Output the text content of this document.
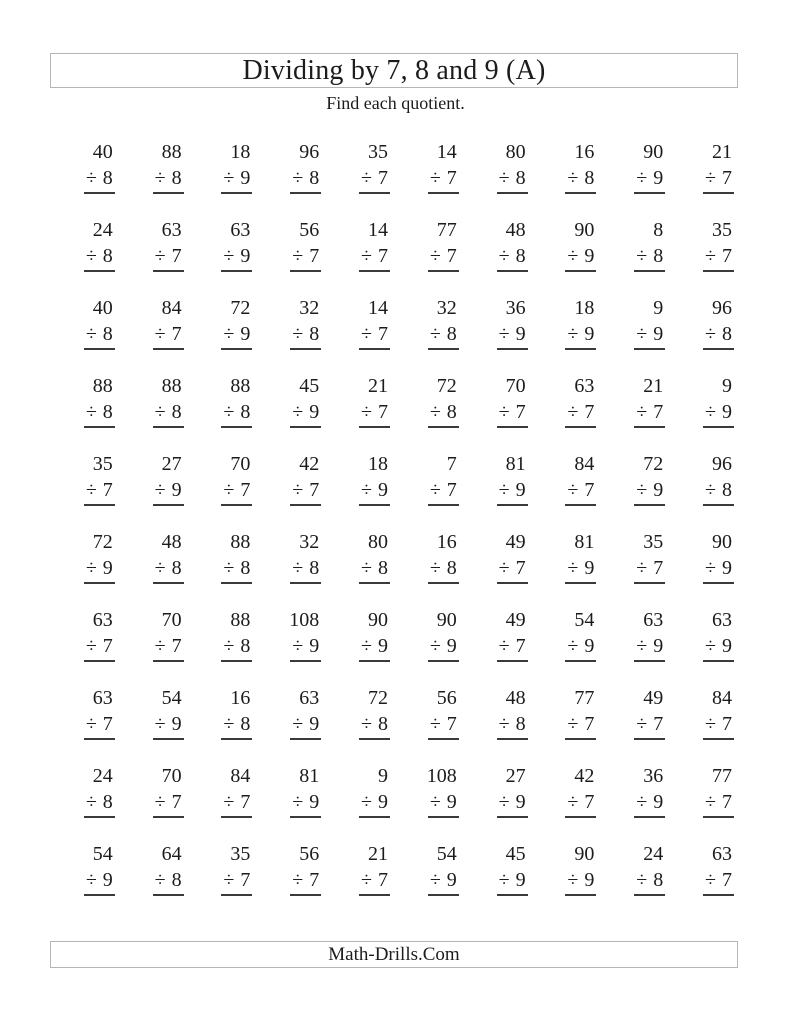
Dividing by 7, 8 and 9 (A)
Find each quotient.
40
÷ 8
88
÷ 8
18
÷ 9
96
÷ 8
35
÷ 7
14
÷ 7
80
÷ 8
16
÷ 8
90
÷ 9
21
÷ 7
24
÷ 8
63
÷ 7
63
÷ 9
56
÷ 7
14
÷ 7
77
÷ 7
48
÷ 8
90
÷ 9
8
÷ 8
35
÷ 7
40
÷ 8
84
÷ 7
72
÷ 9
32
÷ 8
14
÷ 7
32
÷ 8
36
÷ 9
18
÷ 9
9
÷ 9
96
÷ 8
88
÷ 8
88
÷ 8
88
÷ 8
45
÷ 9
21
÷ 7
72
÷ 8
70
÷ 7
63
÷ 7
21
÷ 7
9
÷ 9
35
÷ 7
27
÷ 9
70
÷ 7
42
÷ 7
18
÷ 9
7
÷ 7
81
÷ 9
84
÷ 7
72
÷ 9
96
÷ 8
72
÷ 9
48
÷ 8
88
÷ 8
32
÷ 8
80
÷ 8
16
÷ 8
49
÷ 7
81
÷ 9
35
÷ 7
90
÷ 9
63
÷ 7
70
÷ 7
88
÷ 8
108
÷ 9
90
÷ 9
90
÷ 9
49
÷ 7
54
÷ 9
63
÷ 9
63
÷ 9
63
÷ 7
54
÷ 9
16
÷ 8
63
÷ 9
72
÷ 8
56
÷ 7
48
÷ 8
77
÷ 7
49
÷ 7
84
÷ 7
24
÷ 8
70
÷ 7
84
÷ 7
81
÷ 9
9
÷ 9
108
÷ 9
27
÷ 9
42
÷ 7
36
÷ 9
77
÷ 7
54
÷ 9
64
÷ 8
35
÷ 7
56
÷ 7
21
÷ 7
54
÷ 9
45
÷ 9
90
÷ 9
24
÷ 8
63
÷ 7
Math-Drills.Com
